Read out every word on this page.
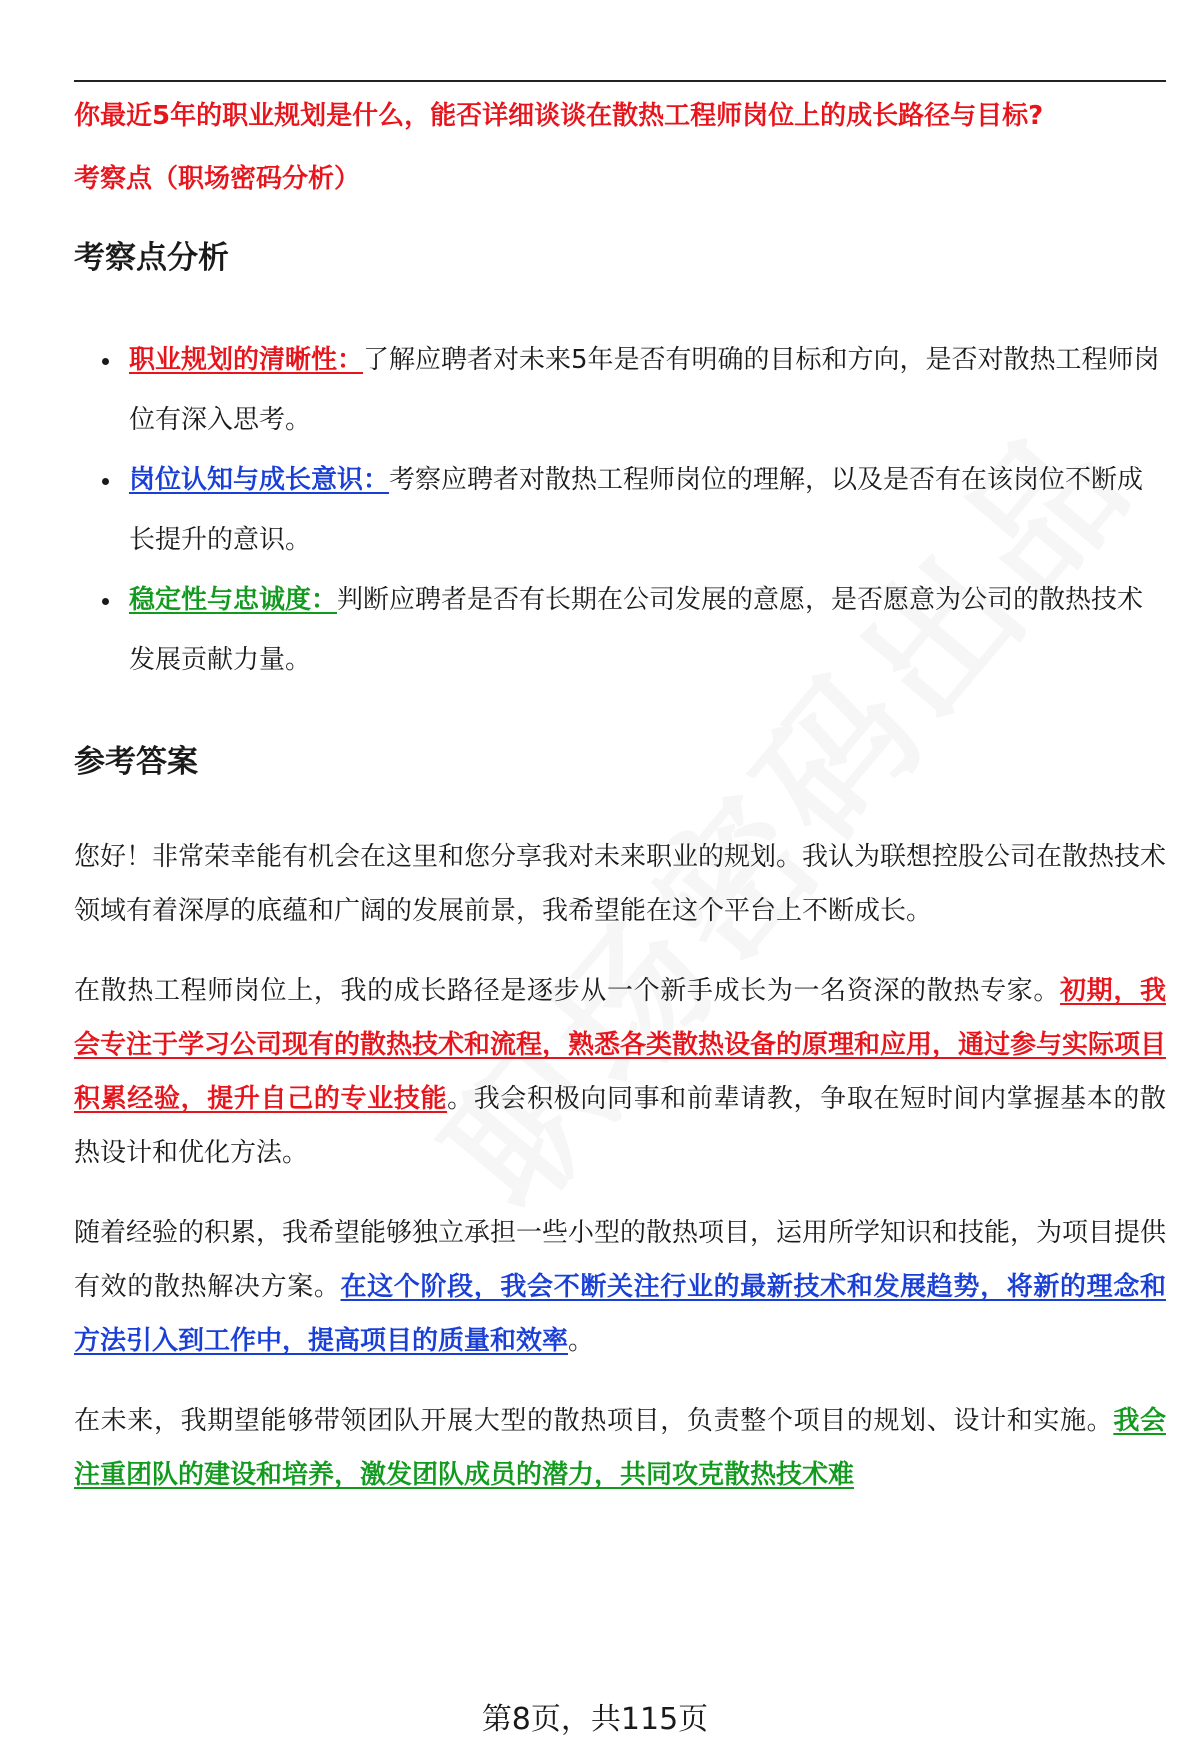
你最近5年的职业规划是什么，能否详细谈谈在散热工程师岗位上的成长路径与目标?

考察点（职场密码分析）

考察点分析
职业规划的清晰性：了解应聘者对未来5年是否有明确的目标和方向，是否对散热工程师岗位有深入思考。
岗位认知与成长意识：考察应聘者对散热工程师岗位的理解，以及是否有在该岗位不断成长提升的意识。
稳定性与忠诚度：判断应聘者是否有长期在公司发展的意愿，是否愿意为公司的散热技术发展贡献力量。
参考答案

您好！非常荣幸能有机会在这里和您分享我对未来职业的规划。我认为联想控股公司在散热技术领域有着深厚的底蕴和广阔的发展前景，我希望能在这个平台上不断成长。

在散热工程师岗位上，我的成长路径是逐步从一个新手成长为一名资深的散热专家。初期，我会专注于学习公司现有的散热技术和流程，熟悉各类散热设备的原理和应用，通过参与实际项目积累经验，提升自己的专业技能。我会积极向同事和前辈请教，争取在短时间内掌握基本的散热设计和优化方法。

随着经验的积累，我希望能够独立承担一些小型的散热项目，运用所学知识和技能，为项目提供有效的散热解决方案。在这个阶段，我会不断关注行业的最新技术和发展趋势，将新的理念和方法引入到工作中，提高项目的质量和效率。

在未来，我期望能够带领团队开展大型的散热项目，负责整个项目的规划、设计和实施。我会注重团队的建设和培养，激发团队成员的潜力，共同攻克散热技术难

第8页，共115页
